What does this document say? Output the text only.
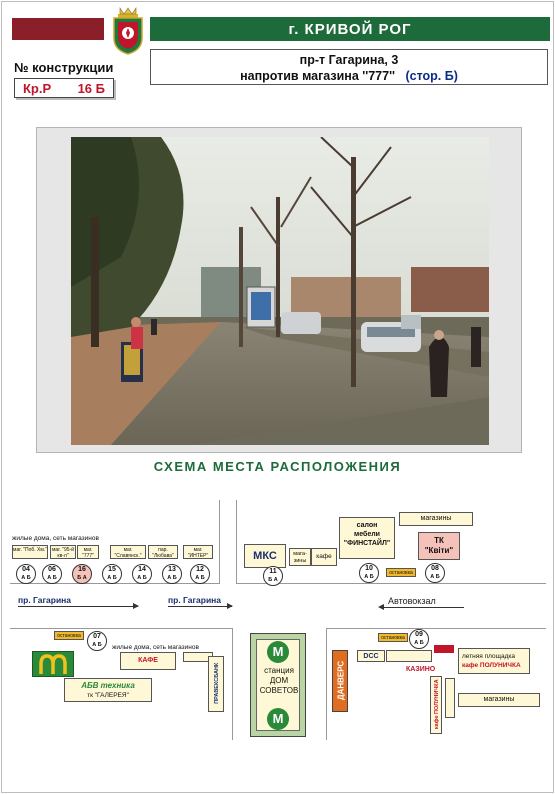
г. КРИВОЙ РОГ
№ конструкции
Кр.Р 16 Б
пр-т Гагарина, 3
напротив магазина ''777'' (стор. Б)
СХЕМА МЕСТА РАСПОЛОЖЕНИЯ
жилые дома, сеть магазинов
маг. "Поб. Хм."	маг. "95-й кв-л"
маг. "777"
маг. "Славянск."
пар. "Любава"
маг. "ИНТЕР"
04
А Б
06
А Б
16
Б А
15
А Б
14
А Б
13
А Б
12
А Б
пр. Гагарина	пр. Гагарина	Автовокзал
МКС	мага-
зины
кафе
салон
мебели
"ФИНСТАЙЛ"
магазины
ТК
"Квіти"
11
Б А
10
А Б
остановка
08
А Б
остановка	07
А Б	жилые дома, сеть магазинов
КАФЕ
АБВ техника
тк "ГАЛЕРЕЯ"	ПРАВЕКСБАНК
М
станция
ДОМ
СОВЕТОВ
М
ДАНВЕРС
остановка	09
А Б
DCC
КАЗИНО
летняя площадка
кафе ПОЛУНИЧКА
кафе ПОЛУНИЧКА	магазины
